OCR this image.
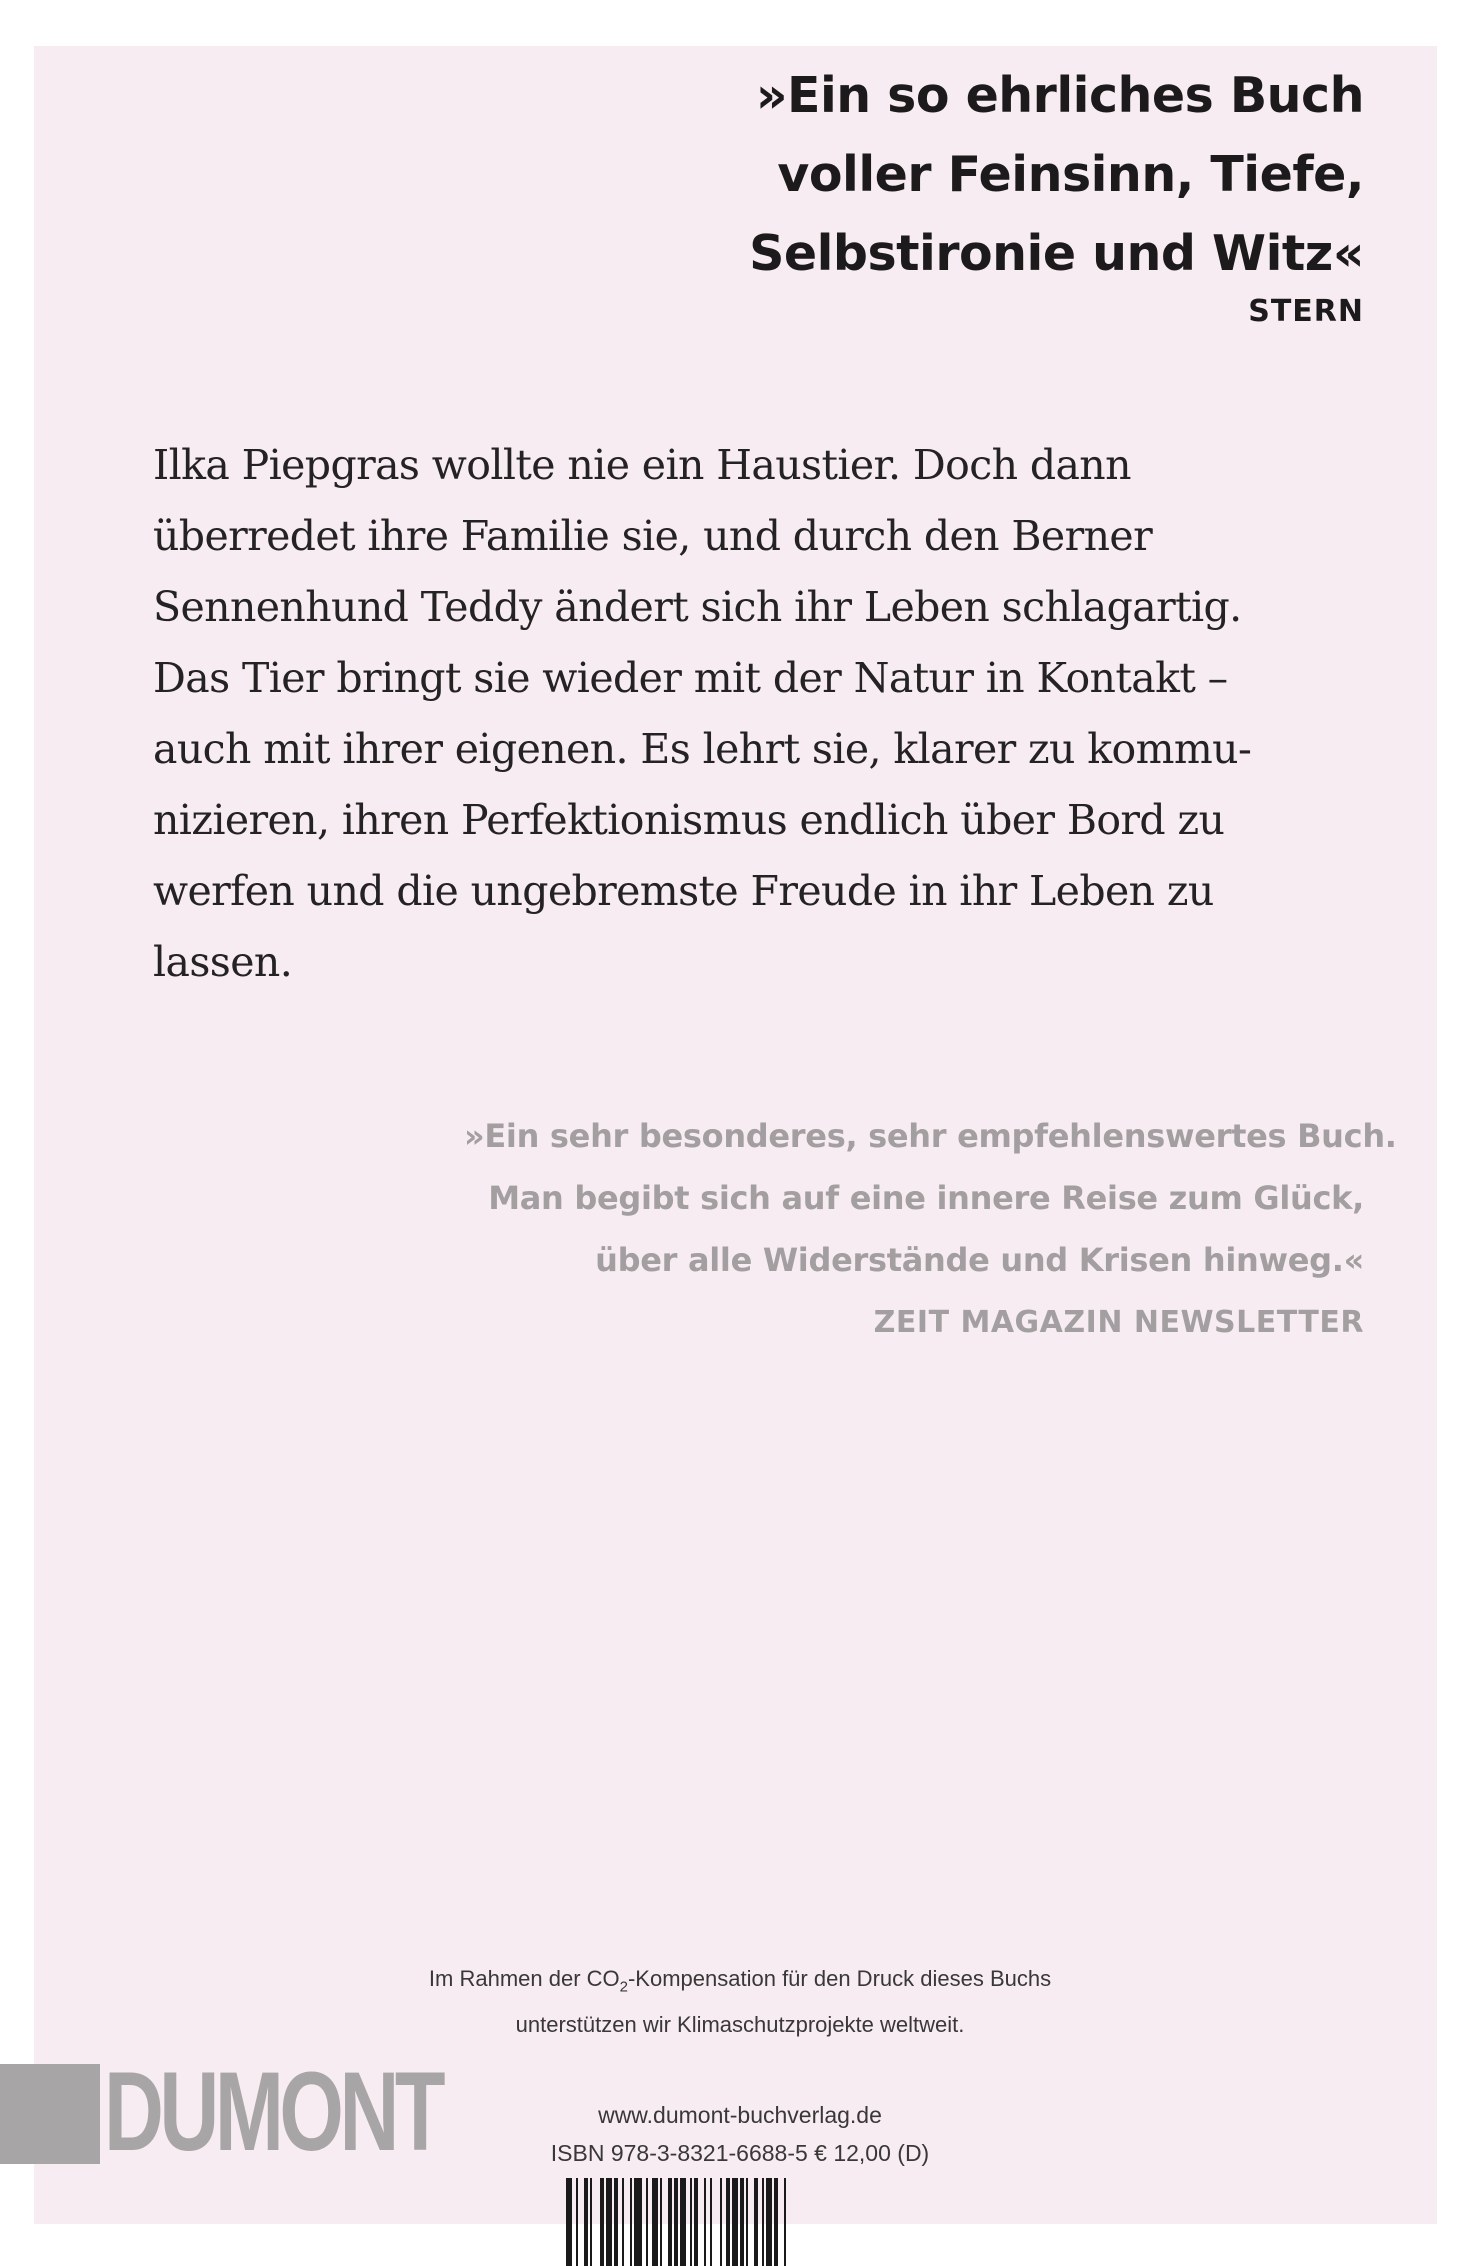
»Ein so ehrliches Buch
voller Feinsinn, Tiefe,
Selbstironie und Witz«
STERN
Ilka Piepgras wollte nie ein Haustier. Doch dann
überredet ihre Familie sie, und durch den Berner
Sennenhund Teddy ändert sich ihr Leben schlagartig.
Das Tier bringt sie wieder mit der Natur in Kontakt –
auch mit ihrer eigenen. Es lehrt sie, klarer zu kommu-
nizieren, ihren Perfektionismus endlich über Bord zu
werfen und die ungebremste Freude in ihr Leben zu
lassen.
»Ein sehr besonderes, sehr empfehlenswertes Buch.
Man begibt sich auf eine innere Reise zum Glück,
über alle Widerstände und Krisen hinweg.«
ZEIT MAGAZIN NEWSLETTER
Im Rahmen der $CO_2$-Kompensation für den Druck dieses Buchs
unterstützen wir Klimaschutzprojekte weltweit.
DUMONT	www.dumont-buchverlag.de
ISBN 978-3-8321-6688-5 € 12,00 (D)
